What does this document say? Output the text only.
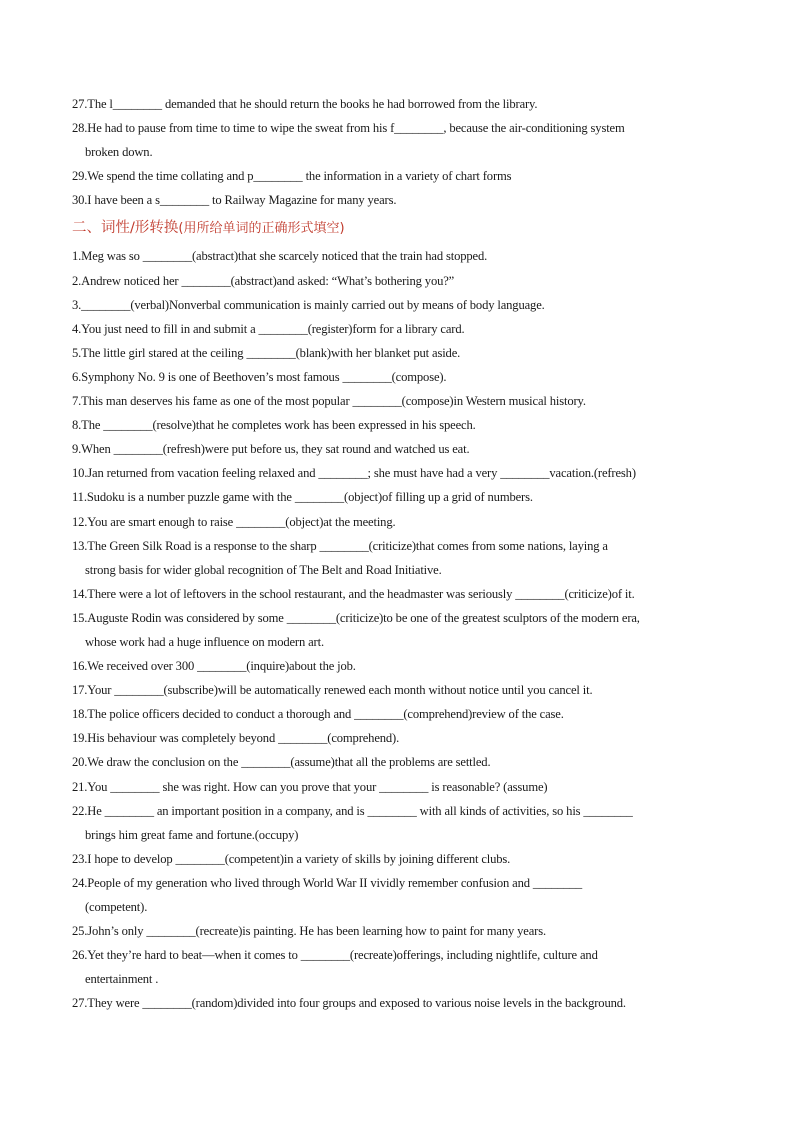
27.The l________ demanded that he should return the books he had borrowed from the library.
28.He had to pause from time to time to wipe the sweat from his f________, because the air-conditioning system
broken down.
29.We spend the time collating and p________ the information in a variety of chart forms
30.I have been a s________ to Railway Magazine for many years.
二、词性/形转换(用所给单词的正确形式填空)
1.Meg was so ________(abstract)that she scarcely noticed that the train had stopped.
2.Andrew noticed her ________(abstract)and asked: “What’s bothering you?”
3.________(verbal)Nonverbal communication is mainly carried out by means of body language.
4.You just need to fill in and submit a ________(register)form for a library card.
5.The little girl stared at the ceiling ________(blank)with her blanket put aside.
6.Symphony No. 9 is one of Beethoven’s most famous ________(compose).
7.This man deserves his fame as one of the most popular ________(compose)in Western musical history.
8.The ________(resolve)that he completes work has been expressed in his speech.
9.When ________(refresh)were put before us, they sat round and watched us eat.
10.Jan returned from vacation feeling relaxed and ________; she must have had a very ________vacation.(refresh)
11.Sudoku is a number puzzle game with the ________(object)of filling up a grid of numbers.
12.You are smart enough to raise ________(object)at the meeting.
13.The Green Silk Road is a response to the sharp ________(criticize)that comes from some nations, laying a
strong basis for wider global recognition of The Belt and Road Initiative.
14.There were a lot of leftovers in the school restaurant, and the headmaster was seriously ________(criticize)of it.
15.Auguste Rodin was considered by some ________(criticize)to be one of the greatest sculptors of the modern era,
whose work had a huge influence on modern art.
16.We received over 300 ________(inquire)about the job.
17.Your ________(subscribe)will be automatically renewed each month without notice until you cancel it.
18.The police officers decided to conduct a thorough and ________(comprehend)review of the case.
19.His behaviour was completely beyond ________(comprehend).
20.We draw the conclusion on the ________(assume)that all the problems are settled.
21.You ________ she was right. How can you prove that your ________ is reasonable? (assume)
22.He ________ an important position in a company, and is ________ with all kinds of activities, so his ________
brings him great fame and fortune.(occupy)
23.I hope to develop ________(competent)in a variety of skills by joining different clubs.
24.People of my generation who lived through World War II vividly remember confusion and ________
(competent).
25.John’s only ________(recreate)is painting. He has been learning how to paint for many years.
26.Yet they’re hard to beat—when it comes to ________(recreate)offerings, including nightlife, culture and
entertainment .
27.They were ________(random)divided into four groups and exposed to various noise levels in the background.
